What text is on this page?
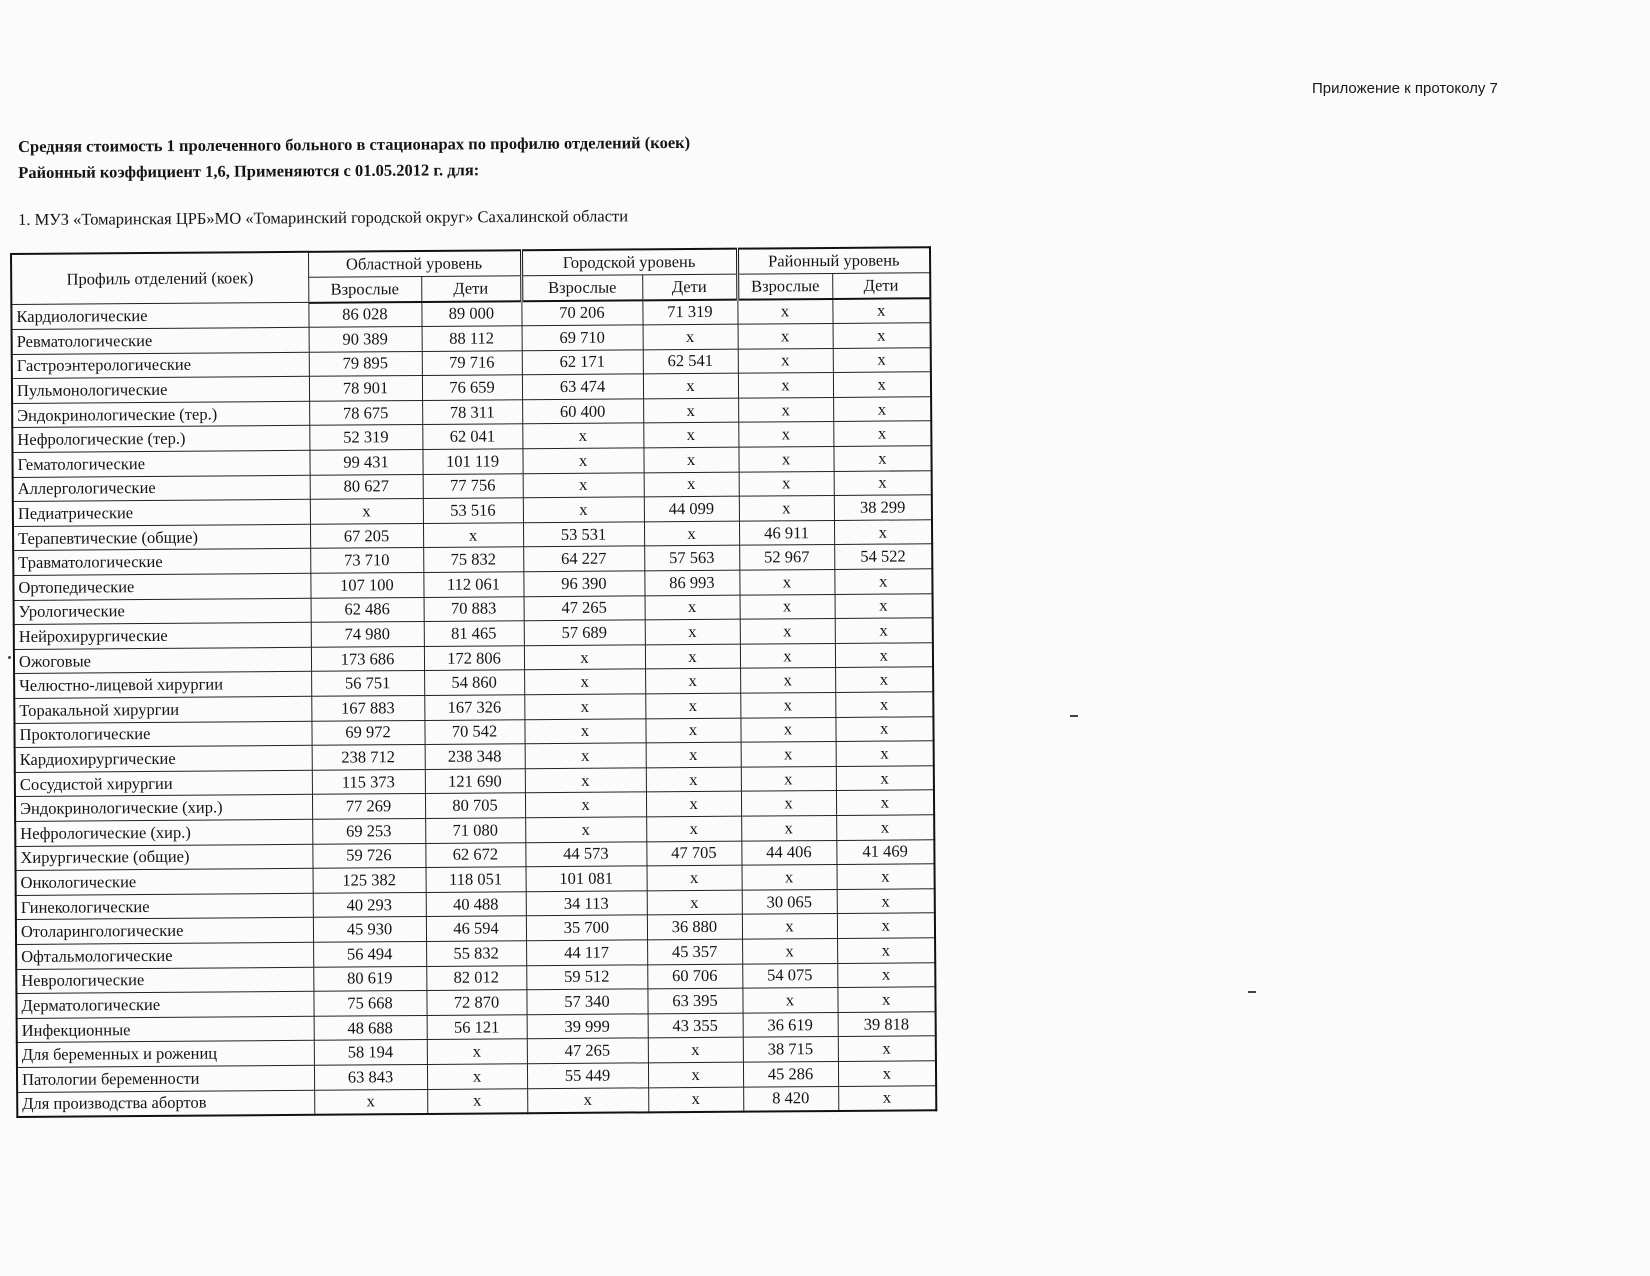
Приложение к протоколу 7
Средняя стоимость 1 пролеченного больного в стационарах по профилю отделений (коек)
Районный коэффициент 1,6, Применяются с 01.05.2012 г. для:
1. МУЗ «Томаринская ЦРБ»МО «Томаринский городской округ» Сахалинской области
Профиль отделений (коек)	Областной уровень		Городской уровень		Районный уровень	
	Взрослые	Дети	Взрослые	Дети	Взрослые	Дети
Кардиологические	86 028	89 000	70 206	71 319	x	x
Ревматологические	90 389	88 112	69 710	x	x	x
Гастроэнтерологические	79 895	79 716	62 171	62 541	x	x
Пульмонологические	78 901	76 659	63 474	x	x	x
Эндокринологические (тер.)	78 675	78 311	60 400	x	x	x
Нефрологические (тер.)	52 319	62 041	x	x	x	x
Гематологические	99 431	101 119	x	x	x	x
Аллергологические	80 627	77 756	x	x	x	x
Педиатрические	x	53 516	x	44 099	x	38 299
Терапевтические (общие)	67 205	x	53 531	x	46 911	x
Травматологические	73 710	75 832	64 227	57 563	52 967	54 522
Ортопедические	107 100	112 061	96 390	86 993	x	x
Урологические	62 486	70 883	47 265	x	x	x
Нейрохирургические	74 980	81 465	57 689	x	x	x
Ожоговые	173 686	172 806	x	x	x	x
Челюстно-лицевой хирургии	56 751	54 860	x	x	x	x
Торакальной хирургии	167 883	167 326	x	x	x	x
Проктологические	69 972	70 542	x	x	x	x
Кардиохирургические	238 712	238 348	x	x	x	x
Сосудистой хирургии	115 373	121 690	x	x	x	x
Эндокринологические (хир.)	77 269	80 705	x	x	x	x
Нефрологические (хир.)	69 253	71 080	x	x	x	x
Хирургические (общие)	59 726	62 672	44 573	47 705	44 406	41 469
Онкологические	125 382	118 051	101 081	x	x	x
Гинекологические	40 293	40 488	34 113	x	30 065	x
Отоларингологические	45 930	46 594	35 700	36 880	x	x
Офтальмологические	56 494	55 832	44 117	45 357	x	x
Неврологические	80 619	82 012	59 512	60 706	54 075	x
Дерматологические	75 668	72 870	57 340	63 395	x	x
Инфекционные	48 688	56 121	39 999	43 355	36 619	39 818
Для беременных и рожениц	58 194	x	47 265	x	38 715	x
Патологии беременности	63 843	x	55 449	x	45 286	x
Для производства абортов	x	x	x	x	8 420	x
